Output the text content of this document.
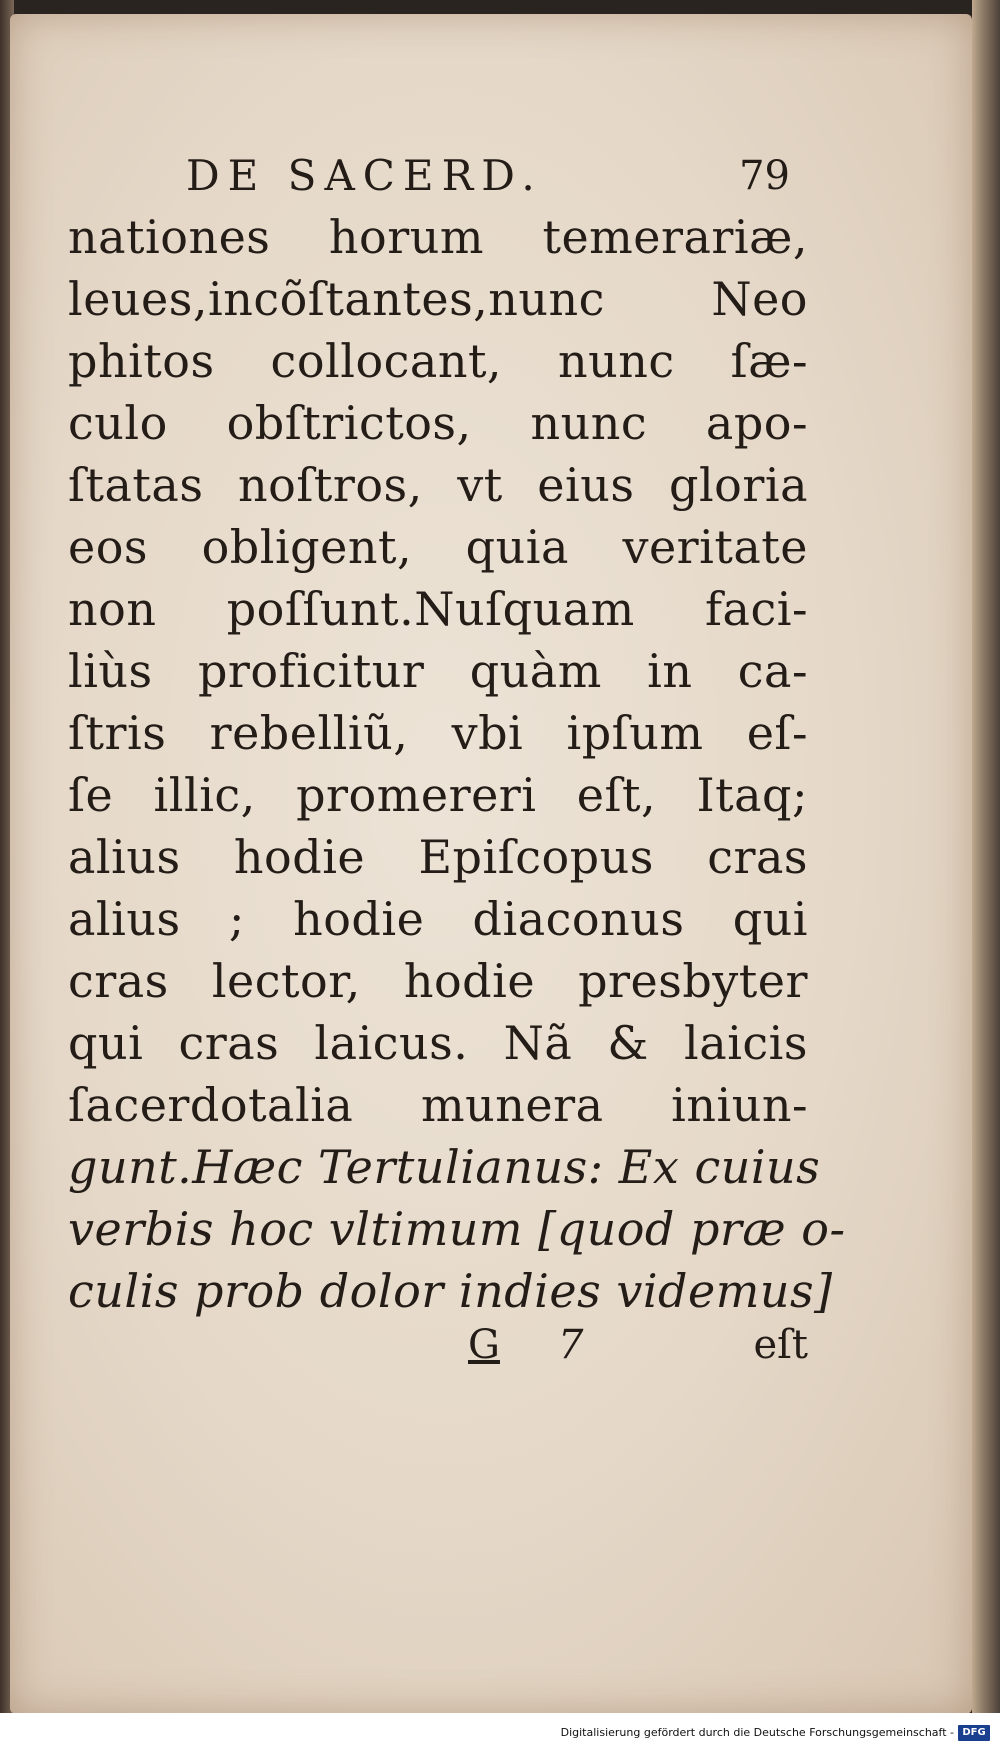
DE SACERD.	79
nationes horum temerariæ,
leues,incõſtantes,nunc Neo
phitos collocant, nunc ſæ-
culo obſtrictos, nunc apo-
ſtatas noſtros, vt eius gloria
eos obligent, quia veritate
non poſſunt.Nuſquam faci-
liùs proficitur quàm in ca-
ſtris rebelliũ, vbi ipſum eſ-
ſe illic, promereri eſt, Itaq;
alius hodie Epiſcopus cras
alius ; hodie diaconus qui
cras lector, hodie presbyter
qui cras laicus. Nã & laicis
ſacerdotalia munera iniun-
gunt.Hæc Tertulianus: Ex cuius
verbis hoc vltimum [quod præ o-
culis prob dolor indies videmus]
G 7	eſt
Digitalisierung gefördert durch die Deutsche Forschungsgemeinschaft - DFG
